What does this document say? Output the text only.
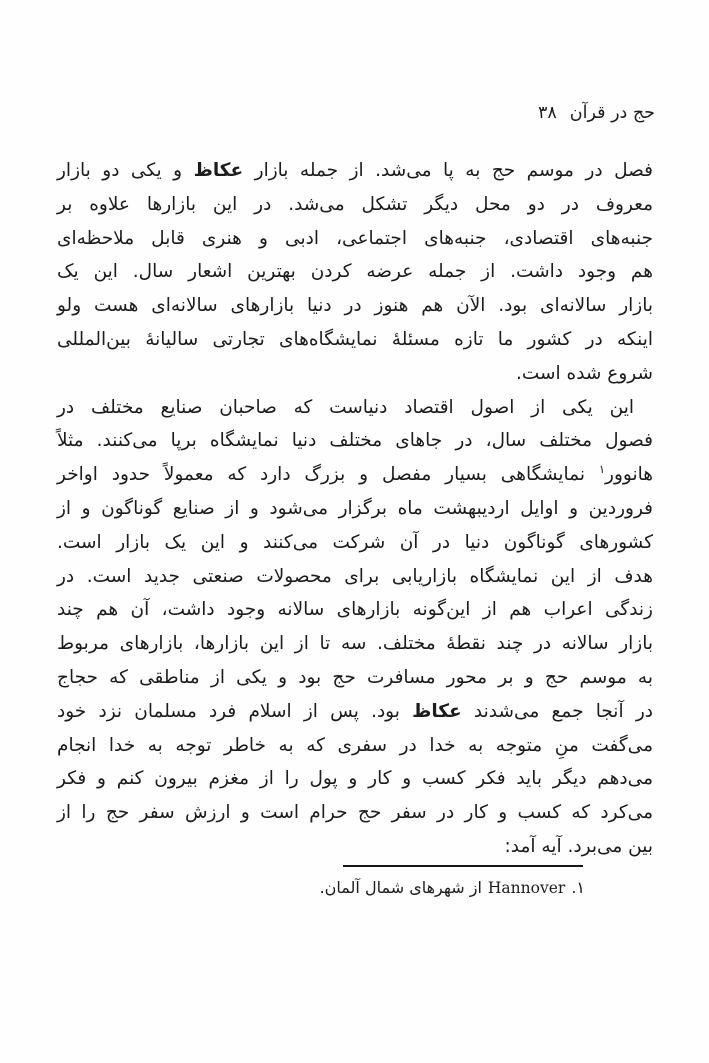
حج در قرآن
۳۸
فصل در موسم حج به پا می‌شد. از جمله بازار عکاظ و یکی دو بازار
معروف در دو محل دیگر تشکل می‌شد. در این بازارها علاوه بر
جنبه‌های اقتصادی، جنبه‌های اجتماعی، ادبی و هنری قابل ملاحظه‌ای
هم وجود داشت. از جمله عرضه کردن بهترین اشعار سال. این یک
بازار سالانه‌ای بود. الآن هم هنوز در دنیا بازارهای سالانه‌ای هست ولو
اینکه در کشور ما تازه مسئلهٔ نمایشگاه‌های تجارتی سالیانهٔ بین‌المللی
شروع شده است.
این یکی از اصول اقتصاد دنیاست که صاحبان صنایع مختلف در
فصول مختلف سال، در جاهای مختلف دنیا نمایشگاه برپا می‌کنند. مثلاً
هانوور$^۱$ نمایشگاهی بسیار مفصل و بزرگ دارد که معمولاً حدود اواخر
فروردین و اوایل اردیبهشت ماه برگزار می‌شود و از صنایع گوناگون و از
کشورهای گوناگون دنیا در آن شرکت می‌کنند و این یک بازار است.
هدف از این نمایشگاه بازاریابی برای محصولات صنعتی جدید است. در
زندگی اعراب هم از این‌گونه بازارهای سالانه وجود داشت، آن هم چند
بازار سالانه در چند نقطهٔ مختلف. سه تا از این بازارها، بازارهای مربوط
به موسم حج و بر محور مسافرت حج بود و یکی از مناطقی که حجاج
در آنجا جمع می‌شدند عکاظ بود. پس از اسلام فرد مسلمان نزد خود
می‌گفت منِ متوجه به خدا در سفری که به خاطر توجه به خدا انجام
می‌دهم دیگر باید فکر کسب و کار و پول را از مغزم بیرون کنم و فکر
می‌کرد که کسب و کار در سفر حج حرام است و ارزش سفر حج را از
بین می‌برد. آیه آمد:
۱.
Hannover
از شهرهای شمال آلمان.
